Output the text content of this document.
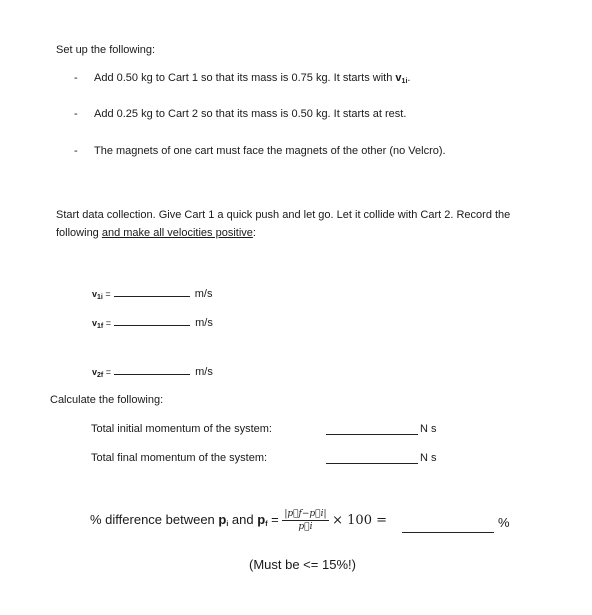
Set up the following:
- Add 0.50 kg to Cart 1 so that its mass is 0.75 kg. It starts with $v_{1i}$.
- Add 0.25 kg to Cart 2 so that its mass is 0.50 kg. It starts at rest.
- The magnets of one cart must face the magnets of the other (no Velcro).
Start data collection. Give Cart 1 a quick push and let go. Let it collide with Cart 2. Record the
following and make all velocities positive:
$v_{1i}$ =	m/s
$v_{1f}$ =	m/s
$v_{2f}$ =	m/s
Calculate the following:
Total initial momentum of the system:	N s
Total final momentum of the system:	N s
% difference between $p_i$ and $p_f = \frac{|p⃗f-p⃗i|}{p⃗i} \times 100$ =	%
(Must be <= 15%!)
